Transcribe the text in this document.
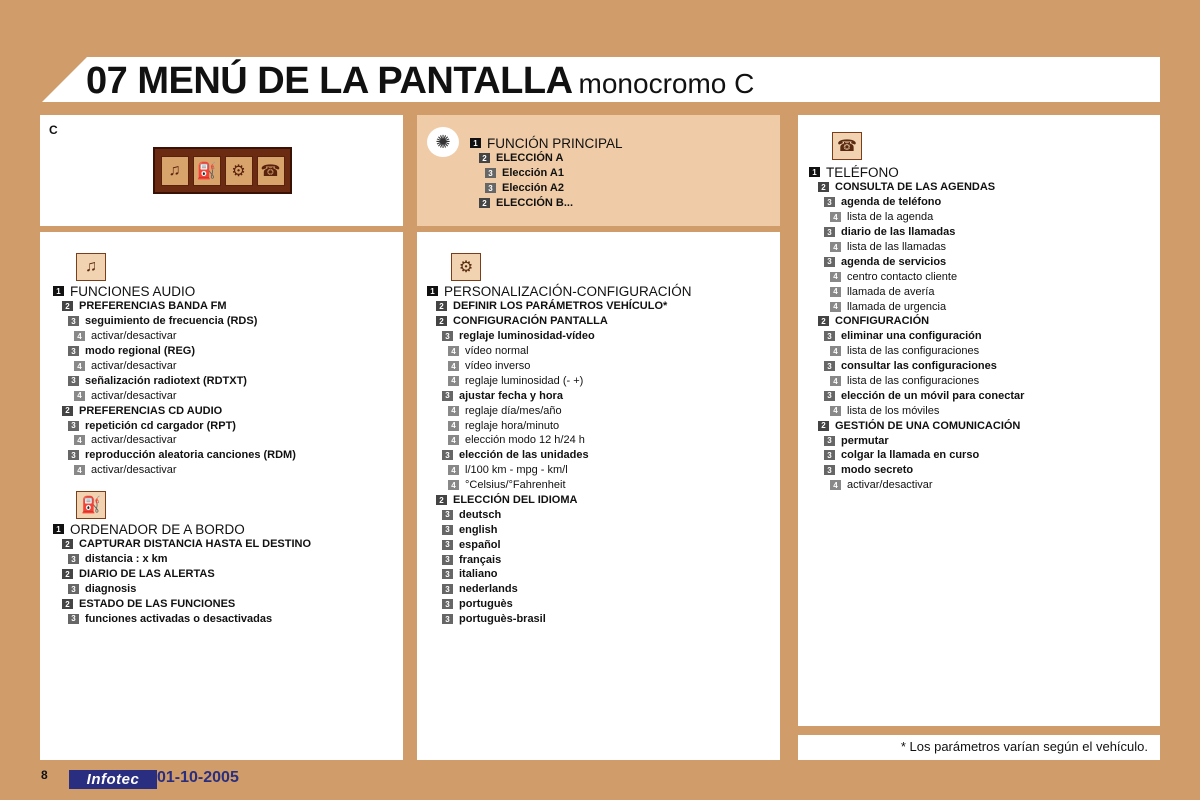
07 MENÚ DE LA PANTALLA monocromo C
C
♫	⛽ ⚙ ☎
✺
♫
⛽
⚙
☎
1 FUNCIÓN PRINCIPAL
2 ELECCIÓN A
3 Elección A1
3 Elección A2
2 ELECCIÓN B...
1 FUNCIONES AUDIO
2 PREFERENCIAS BANDA FM
3 seguimiento de frecuencia (RDS)
4 activar/desactivar
3 modo regional (REG)
4 activar/desactivar
3 señalización radiotext (RDTXT)
4 activar/desactivar
2 PREFERENCIAS CD AUDIO
3 repetición cd cargador (RPT)
4 activar/desactivar
3 reproducción aleatoria canciones (RDM)
4 activar/desactivar
1 ORDENADOR DE A BORDO
2 CAPTURAR DISTANCIA HASTA EL DESTINO
3 distancia : x km
2 DIARIO DE LAS ALERTAS
3 diagnosis
2 ESTADO DE LAS FUNCIONES
3 funciones activadas o desactivadas
1 PERSONALIZACIÓN-CONFIGURACIÓN
2 DEFINIR LOS PARÁMETROS VEHÍCULO*
2 CONFIGURACIÓN PANTALLA
3 reglaje luminosidad-vídeo
4 vídeo normal
4 vídeo inverso
4 reglaje luminosidad (- +)
3 ajustar fecha y hora
4 reglaje día/mes/año
4 reglaje hora/minuto
4 elección modo 12 h/24 h
3 elección de las unidades
4 l/100 km - mpg - km/l
4 °Celsius/°Fahrenheit
2 ELECCIÓN DEL IDIOMA
3 deutsch
3 english
3 español
3 français
3 italiano
3 nederlands
3 portuguès
3 portuguès-brasil
1 TELÉFONO
2 CONSULTA DE LAS AGENDAS
3 agenda de teléfono
4 lista de la agenda
3 diario de las llamadas
4 lista de las llamadas
3 agenda de servicios
4 centro contacto cliente
4 llamada de avería
4 llamada de urgencia
2 CONFIGURACIÓN
3 eliminar una configuración
4 lista de las configuraciones
3 consultar las configuraciones
4 lista de las configuraciones
3 elección de un móvil para conectar
4 lista de los móviles
2 GESTIÓN DE UNA COMUNICACIÓN
3 permutar
3 colgar la llamada en curso
3 modo secreto
4 activar/desactivar
* Los parámetros varían según el vehículo.
8	Infotec	01-10-2005
